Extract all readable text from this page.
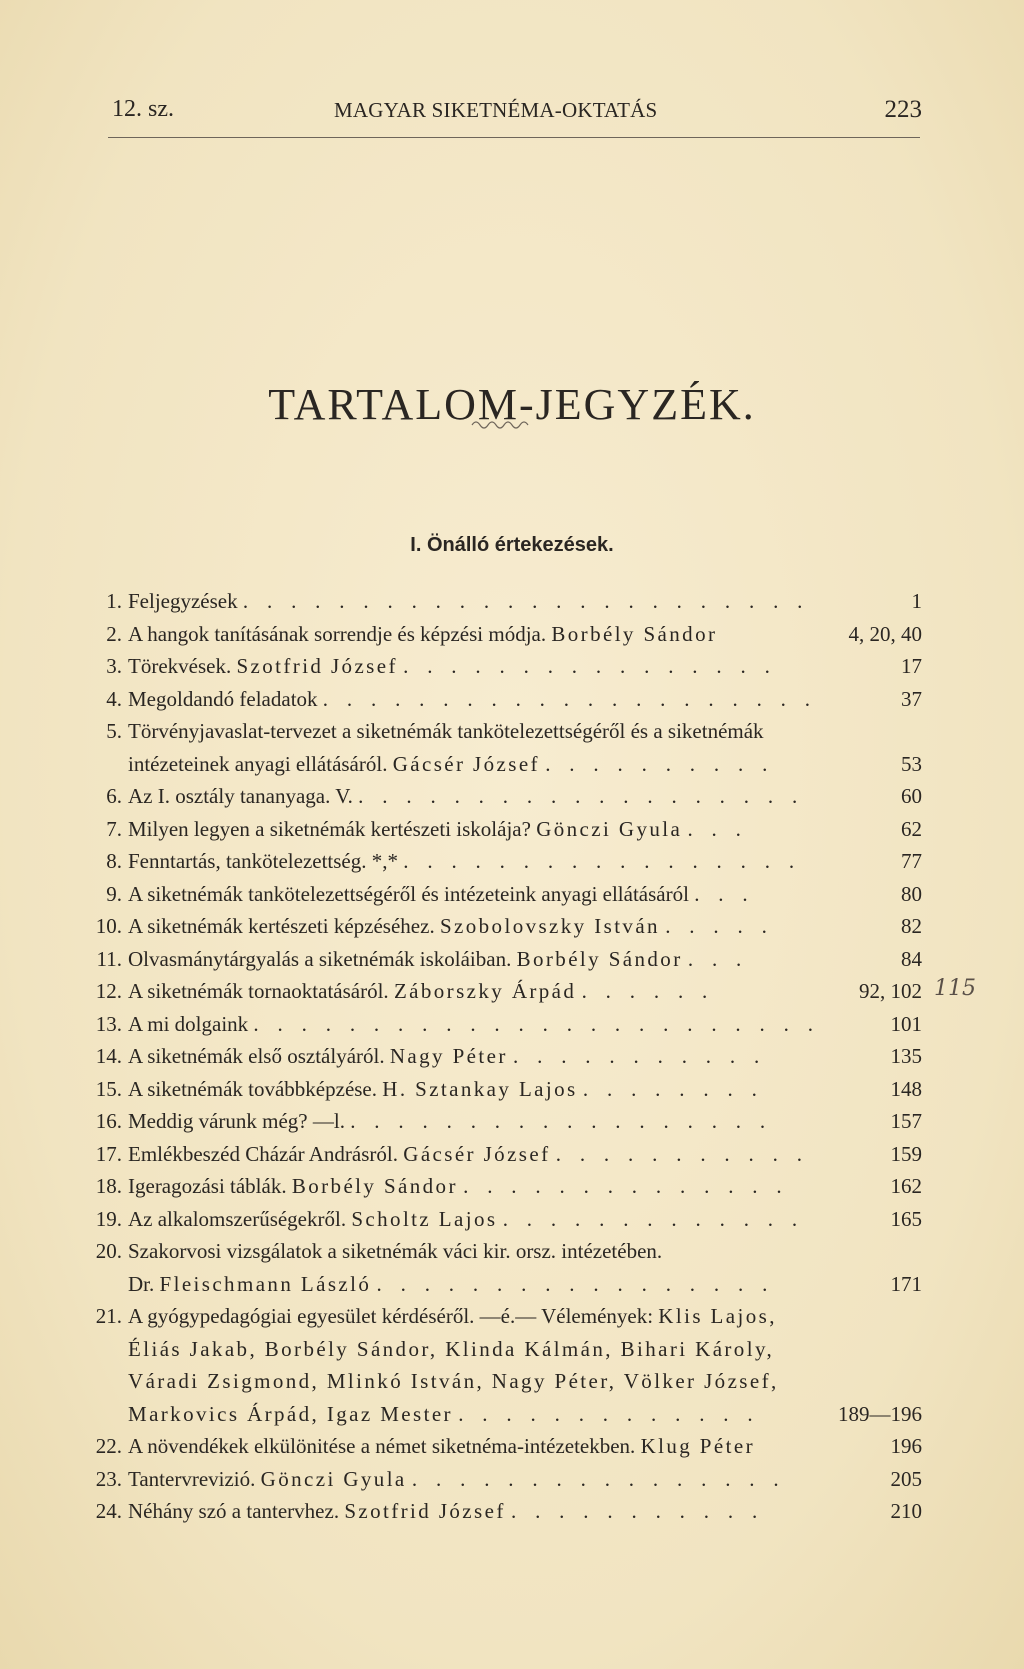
12. sz.	MAGYAR SIKETNÉMA-OKTATÁS	223
TARTALOM-JEGYZÉK.
I. Önálló értekezések.
1. Feljegyzések . . . . . . . . . . . . . . . . . . . . . . . .	1
2. A hangok tanításának sorrendje és képzési módja. Borbély Sándor	4, 20, 40
3. Törekvések. Szotfrid József . . . . . . . . . . . . . . . .	17
4. Megoldandó feladatok . . . . . . . . . . . . . . . . . . . . .	37
5. Törvényjavaslat-tervezet a siketnémák tankötelezettségéről és a siketnémák
intézeteinek anyagi ellátásáról. Gácsér József . . . . . . . . . .	53
6. Az I. osztály tananyaga. V. . . . . . . . . . . . . . . . . . . .	60
7. Milyen legyen a siketnémák kertészeti iskolája? Gönczi Gyula . . .	62
8. Fenntartás, tankötelezettség. *,* . . . . . . . . . . . . . . . . .	77
9. A siketnémák tankötelezettségéről és intézeteink anyagi ellátásáról . . .	80
10. A siketnémák kertészeti képzéséhez. Szobolovszky István . . . . .	82
11. Olvasmánytárgyalás a siketnémák iskoláiban. Borbély Sándor . . .	84
12. A siketnémák tornaoktatásáról. Záborszky Árpád . . . . . .	92, 102
13. A mi dolgaink . . . . . . . . . . . . . . . . . . . . . . . .	101
14. A siketnémák első osztályáról. Nagy Péter . . . . . . . . . . .	135
15. A siketnémák továbbképzése. H. Sztankay Lajos . . . . . . . .	148
16. Meddig várunk még? —l. . . . . . . . . . . . . . . . . . .	157
17. Emlékbeszéd Cházár Andrásról. Gácsér József . . . . . . . . . . .	159
18. Igeragozási táblák. Borbély Sándor . . . . . . . . . . . . . .	162
19. Az alkalomszerűségekről. Scholtz Lajos . . . . . . . . . . . . .	165
20. Szakorvosi vizsgálatok a siketnémák váci kir. orsz. intézetében.
Dr. Fleischmann László . . . . . . . . . . . . . . . . .	171
21. A gyógypedagógiai egyesület kérdéséről. —é.— Vélemények: Klis Lajos,
Éliás Jakab, Borbély Sándor, Klinda Kálmán, Bihari Károly,
Váradi Zsigmond, Mlinkó István, Nagy Péter, Völker József,
Markovics Árpád, Igaz Mester . . . . . . . . . . . . .	189—196
22. A növendékek elkülönitése a német siketnéma-intézetekben. Klug Péter	196
23. Tantervrevizió. Gönczi Gyula . . . . . . . . . . . . . . . .	205
24. Néhány szó a tantervhez. Szotfrid József . . . . . . . . . . .	210
115
